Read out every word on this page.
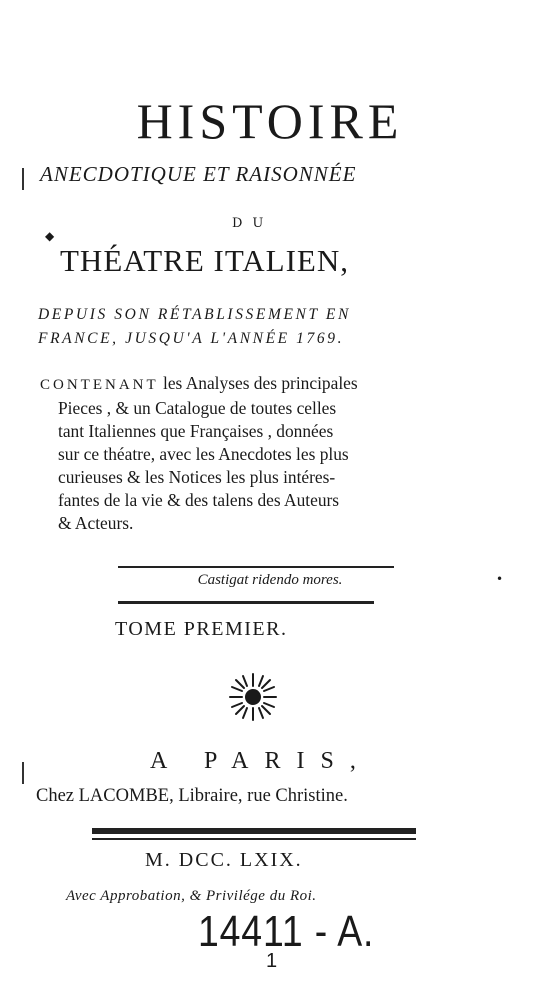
◆
•
HISTOIRE
ANECDOTIQUE ET RAISONNÉE
DU
THÉATRE ITALIEN,
DEPUIS SON RÉTABLISSEMENT EN
FRANCE, JUSQU'A L'ANNÉE 1769.
CONTENANT les Analyses des principales
Pieces , & un Catalogue de toutes celles
tant Italiennes que Françaises , données
sur ce théatre, avec les Anecdotes les plus
curieuses & les Notices les plus intéres-
fantes de la vie & des talens des Auteurs
& Acteurs.
Castigat ridendo mores.
TOME PREMIER.
A PARIS,
Chez LACOMBE, Libraire, rue Christine.
M. DCC. LXIX.
Avec Approbation, & Privilége du Roi.
14411 - A.
1
